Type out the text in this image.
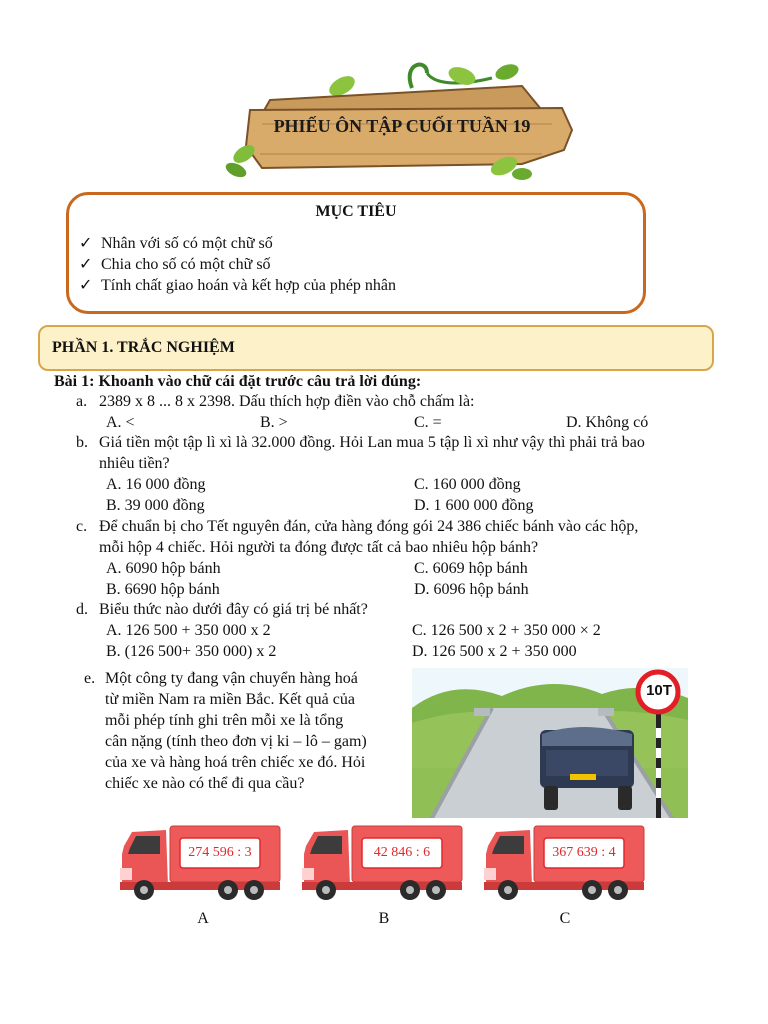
PHIẾU ÔN TẬP CUỐI TUẦN 19
MỤC TIÊU
✓ Nhân với số có một chữ số
✓ Chia cho số có một chữ số
✓ Tính chất giao hoán và kết hợp của phép nhân
PHẦN 1. TRẮC NGHIỆM
Bài 1: Khoanh vào chữ cái đặt trước câu trả lời đúng:
a. 2389 x 8 ... 8 x 2398. Dấu thích hợp điền vào chỗ chấm là:
A. <	B. >	C. =	D. Không có
b. Giá tiền một tập lì xì là 32.000 đồng. Hỏi Lan mua 5 tập lì xì như vậy thì phải trả bao
nhiêu tiền?
A. 16 000 đồng	C. 160 000 đồng
B. 39 000 đồng	D. 1 600 000 đồng
c. Để chuẩn bị cho Tết nguyên đán, cửa hàng đóng gói 24 386 chiếc bánh vào các hộp,
mỗi hộp 4 chiếc. Hỏi người ta đóng được tất cả bao nhiêu hộp bánh?
A. 6090 hộp bánh	C. 6069 hộp bánh
B. 6690 hộp bánh	D. 6096 hộp bánh
d. Biểu thức nào dưới đây có giá trị bé nhất?
A. 126 500 + 350 000 x 2	C. 126 500 x 2 + 350 000 × 2
B. (126 500+ 350 000) x 2	D. 126 500 x 2 + 350 000
e. Một công ty đang vận chuyển hàng hoá
từ miền Nam ra miền Bắc. Kết quả của
mỗi phép tính ghi trên mỗi xe là tổng
cân nặng (tính theo đơn vị ki – lô – gam)
của xe và hàng hoá trên chiếc xe đó. Hỏi
chiếc xe nào có thể đi qua cầu?
10T
274 596 : 3	42 846 : 6	367 639 : 4
A	B	C
